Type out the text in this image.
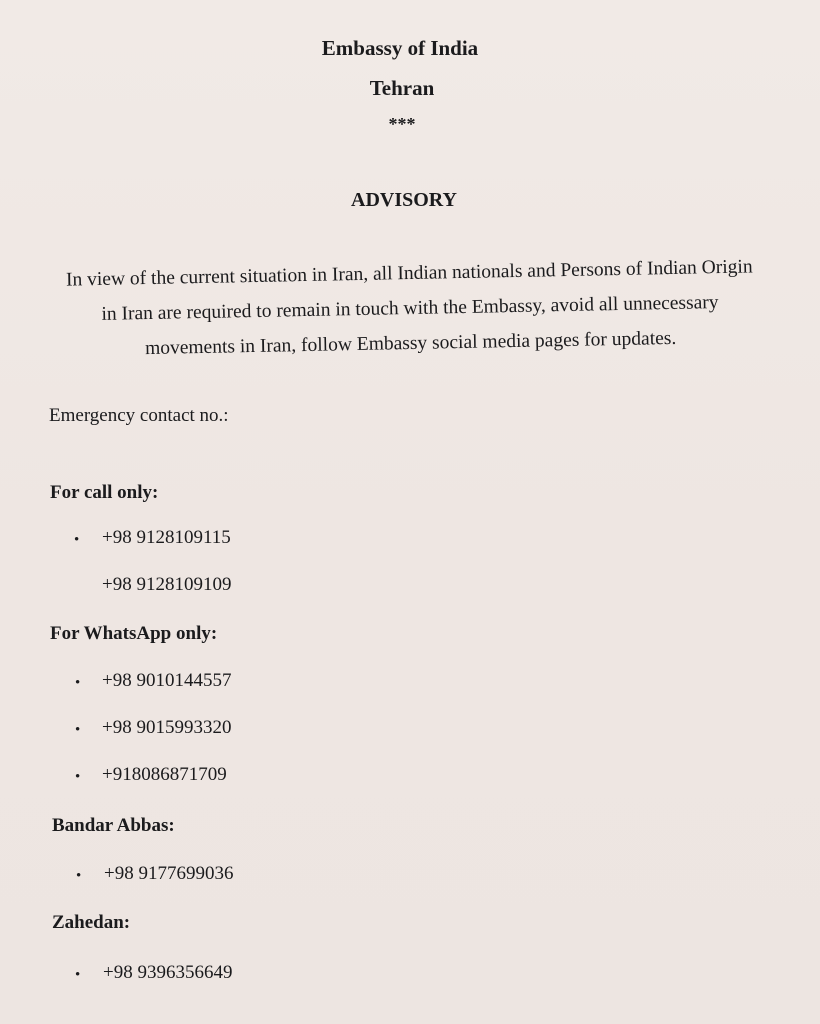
Embassy of India
Tehran
***
ADVISORY
In view of the current situation in Iran, all Indian nationals and Persons of Indian Origin
in Iran are required to remain in touch with the Embassy, avoid all unnecessary
movements in Iran, follow Embassy social media pages for updates.
Emergency contact no.:
For call only:
• +98 9128109115
+98 9128109109
For WhatsApp only:
• +98 9010144557
• +98 9015993320
• +918086871709
Bandar Abbas:
• +98 9177699036
Zahedan:
• +98 9396356649
